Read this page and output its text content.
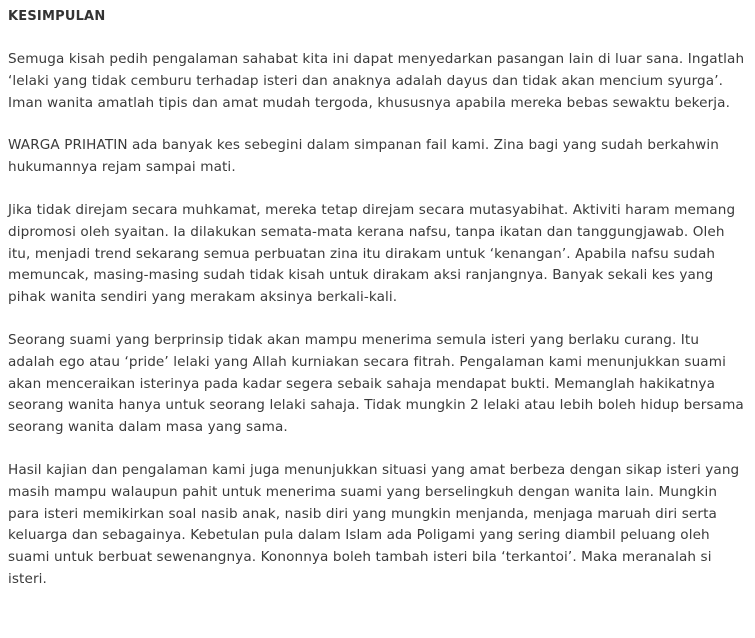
KESIMPULAN

Semuga kisah pedih pengalaman sahabat kita ini dapat menyedarkan pasangan lain di luar sana. Ingatlah ‘lelaki yang tidak cemburu terhadap isteri dan anaknya adalah dayus dan tidak akan mencium syurga’. Iman wanita amatlah tipis dan amat mudah tergoda, khususnya apabila mereka bebas sewaktu bekerja.

WARGA PRIHATIN ada banyak kes sebegini dalam simpanan fail kami. Zina bagi yang sudah berkahwin hukumannya rejam sampai mati.

Jika tidak direjam secara muhkamat, mereka tetap direjam secara mutasyabihat. Aktiviti haram memang dipromosi oleh syaitan. Ia dilakukan semata-mata kerana nafsu, tanpa ikatan dan tanggungjawab. Oleh itu, menjadi trend sekarang semua perbuatan zina itu dirakam untuk ‘kenangan’. Apabila nafsu sudah memuncak, masing-masing sudah tidak kisah untuk dirakam aksi ranjangnya. Banyak sekali kes yang pihak wanita sendiri yang merakam aksinya berkali-kali.

Seorang suami yang berprinsip tidak akan mampu menerima semula isteri yang berlaku curang. Itu adalah ego atau ‘pride’ lelaki yang Allah kurniakan secara fitrah. Pengalaman kami menunjukkan suami akan menceraikan isterinya pada kadar segera sebaik sahaja mendapat bukti. Memanglah hakikatnya seorang wanita hanya untuk seorang lelaki sahaja. Tidak mungkin 2 lelaki atau lebih boleh hidup bersama seorang wanita dalam masa yang sama.

Hasil kajian dan pengalaman kami juga menunjukkan situasi yang amat berbeza dengan sikap isteri yang masih mampu walaupun pahit untuk menerima suami yang berselingkuh dengan wanita lain. Mungkin para isteri memikirkan soal nasib anak, nasib diri yang mungkin menjanda, menjaga maruah diri serta keluarga dan sebagainya. Kebetulan pula dalam Islam ada Poligami yang sering diambil peluang oleh suami untuk berbuat sewenangnya. Kononnya boleh tambah isteri bila ‘terkantoi’. Maka meranalah si isteri.
